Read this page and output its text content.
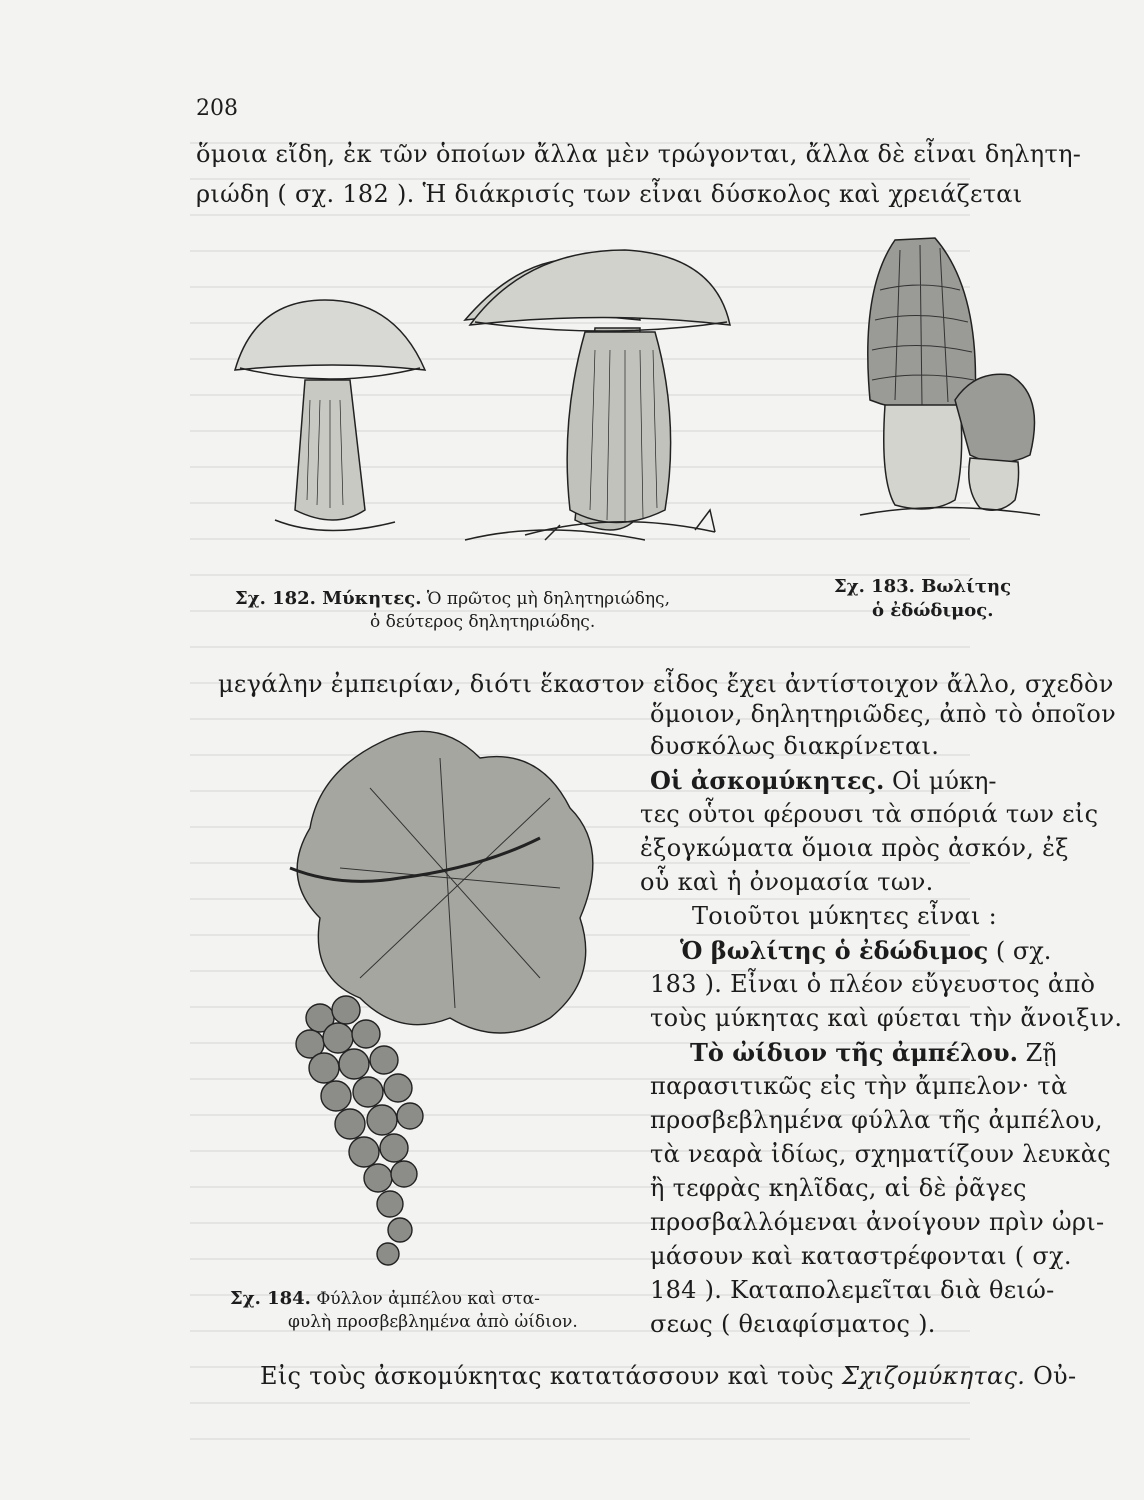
208
ὅμοια εἴδη, ἐκ τῶν ὁποίων ἄλλα μὲν τρώγονται, ἄλλα δὲ εἶναι δηλητη-
ριώδη ( σχ. 182 ). Ἡ διάκρισίς των εἶναι δύσκολος καὶ χρειάζεται
Σχ. 182. Μύκητες. Ὁ πρῶτος μὴ δηλητηριώδης,
ὁ δεύτερος δηλητηριώδης.
Σχ. 183. Βωλίτης
ὁ ἐδώδιμος.
μεγάλην ἐμπειρίαν, διότι ἕκαστον εἶδος ἔχει ἀντίστοιχον ἄλλο, σχεδὸν
ὅμοιον, δηλητηριῶδες, ἀπὸ τὸ ὁποῖον
δυσκόλως διακρίνεται.
Οἱ ἀσκομύκητες. Οἱ μύκη-
τες οὗτοι φέρουσι τὰ σπόριά των εἰς
ἐξογκώματα ὅμοια πρὸς ἀσκόν, ἐξ
οὗ καὶ ἡ ὀνομασία των.
Τοιοῦτοι μύκητες εἶναι :
Ὁ βωλίτης ὁ ἐδώδιμος ( σχ.
183 ). Εἶναι ὁ πλέον εὔγευστος ἀπὸ
τοὺς μύκητας καὶ φύεται τὴν ἄνοιξιν.
Τὸ ὠίδιον τῆς ἀμπέλου. Ζῇ
παρασιτικῶς εἰς τὴν ἄμπελον· τὰ
προσβεβλημένα φύλλα τῆς ἀμπέλου,
τὰ νεαρὰ ἰδίως, σχηματίζουν λευκὰς
ἢ τεφρὰς κηλῖδας, αἱ δὲ ῥᾶγες
προσβαλλόμεναι ἀνοίγουν πρὶν ὠρι-
μάσουν καὶ καταστρέφονται ( σχ.
184 ). Καταπολεμεῖται διὰ θειώ-
σεως ( θειαφίσματος ).
Σχ. 184. Φύλλον ἀμπέλου καὶ στα-
φυλὴ προσβεβλημένα ἀπὸ ὠίδιον.
Εἰς τοὺς ἀσκομύκητας κατατάσσουν καὶ τοὺς Σχιζομύκητας. Οὐ-
